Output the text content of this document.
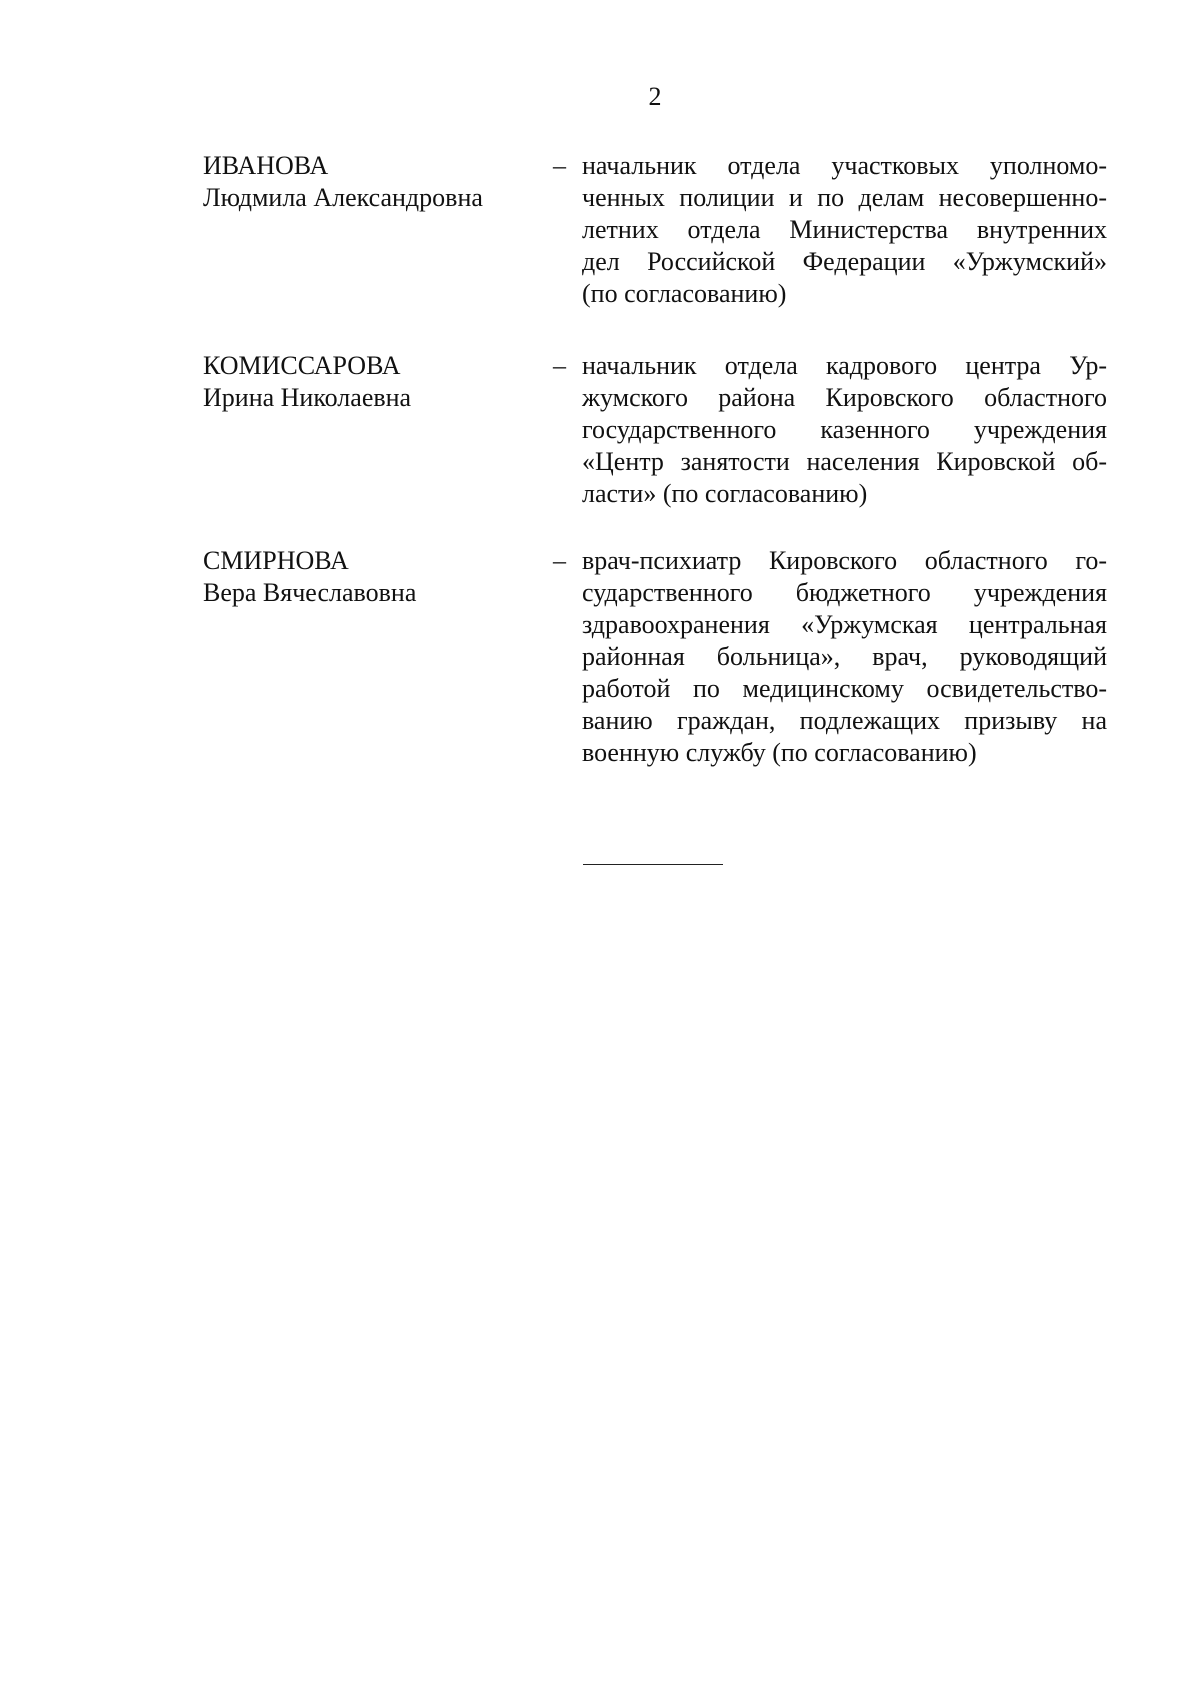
2
ИВАНОВА
Людмила Александровна
– начальник отдела участковых уполномо-
ченных полиции и по делам несовершенно-
летних отдела Министерства внутренних
дел Российской Федерации «Уржумский»
(по согласованию)
КОМИССАРОВА
Ирина Николаевна
– начальник отдела кадрового центра Ур-
жумского района Кировского областного
государственного казенного учреждения
«Центр занятости населения Кировской об-
ласти» (по согласованию)
СМИРНОВА
Вера Вячеславовна
– врач-психиатр Кировского областного го-
сударственного бюджетного учреждения
здравоохранения «Уржумская центральная
районная больница», врач, руководящий
работой по медицинскому освидетельство-
ванию граждан, подлежащих призыву на
военную службу (по согласованию)
